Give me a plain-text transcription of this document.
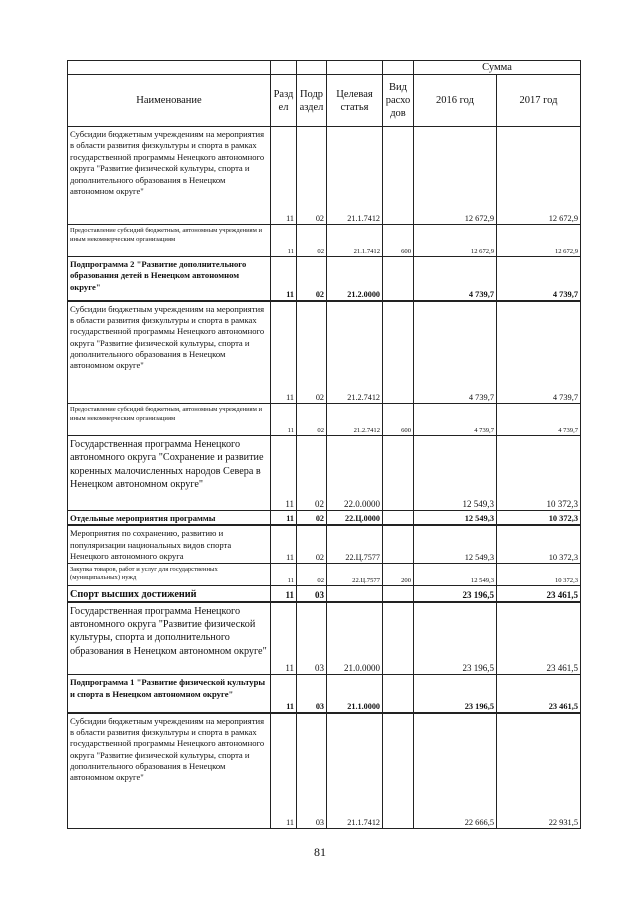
					Сумма	
Наименование	Разд ел	Подр аздел	Целевая статья	Вид расхо дов	2016 год	2017 год
Субсидии бюджетным учреждениям на мероприятия в области развития физкультуры и спорта в рамках государственной программы Ненецкого автономного округа "Развитие физической культуры, спорта и дополнительного образования в Ненецком автономном округе"	11	02	21.1.7412		12 672,9	12 672,9
Предоставление субсидий бюджетным, автономным учреждениям и иным некоммерческим организациям	11	02	21.1.7412	600	12 672,9	12 672,9
Подпрограмма 2 "Развитие дополнительного образования детей в Ненецком автономном округе"	11	02	21.2.0000		4 739,7	4 739,7
Субсидии бюджетным учреждениям на мероприятия в области развития физкультуры и спорта в рамках государственной программы Ненецкого автономного округа "Развитие физической культуры, спорта и дополнительного образования в Ненецком автономном округе"	11	02	21.2.7412		4 739,7	4 739,7
Предоставление субсидий бюджетным, автономным учреждениям и иным некоммерческим организациям	11	02	21.2.7412	600	4 739,7	4 739,7
Государственная программа Ненецкого автономного округа "Сохранение и развитие коренных малочисленных народов Севера в Ненецком автономном округе"	11	02	22.0.0000		12 549,3	10 372,3
Отдельные мероприятия программы	11	02	22.Ц.0000		12 549,3	10 372,3
Мероприятия по сохранению, развитию и популяризации национальных видов спорта Ненецкого автономного округа	11	02	22.Ц.7577		12 549,3	10 372,3
Закупка товаров, работ и услуг для государственных (муниципальных) нужд	11	02	22.Ц.7577	200	12 549,3	10 372,3
Спорт высших достижений	11	03			23 196,5	23 461,5
Государственная программа Ненецкого автономного округа "Развитие физической культуры, спорта и дополнительного образования в Ненецком автономном округе"	11	03	21.0.0000		23 196,5	23 461,5
Подпрограмма 1 "Развитие физической культуры и спорта в Ненецком автономном округе"	11	03	21.1.0000		23 196,5	23 461,5
Субсидии бюджетным учреждениям на мероприятия в области развития физкультуры и спорта в рамках государственной программы Ненецкого автономного округа "Развитие физической культуры, спорта и дополнительного образования в Ненецком автономном округе"	11	03	21.1.7412		22 666,5	22 931,5
81
